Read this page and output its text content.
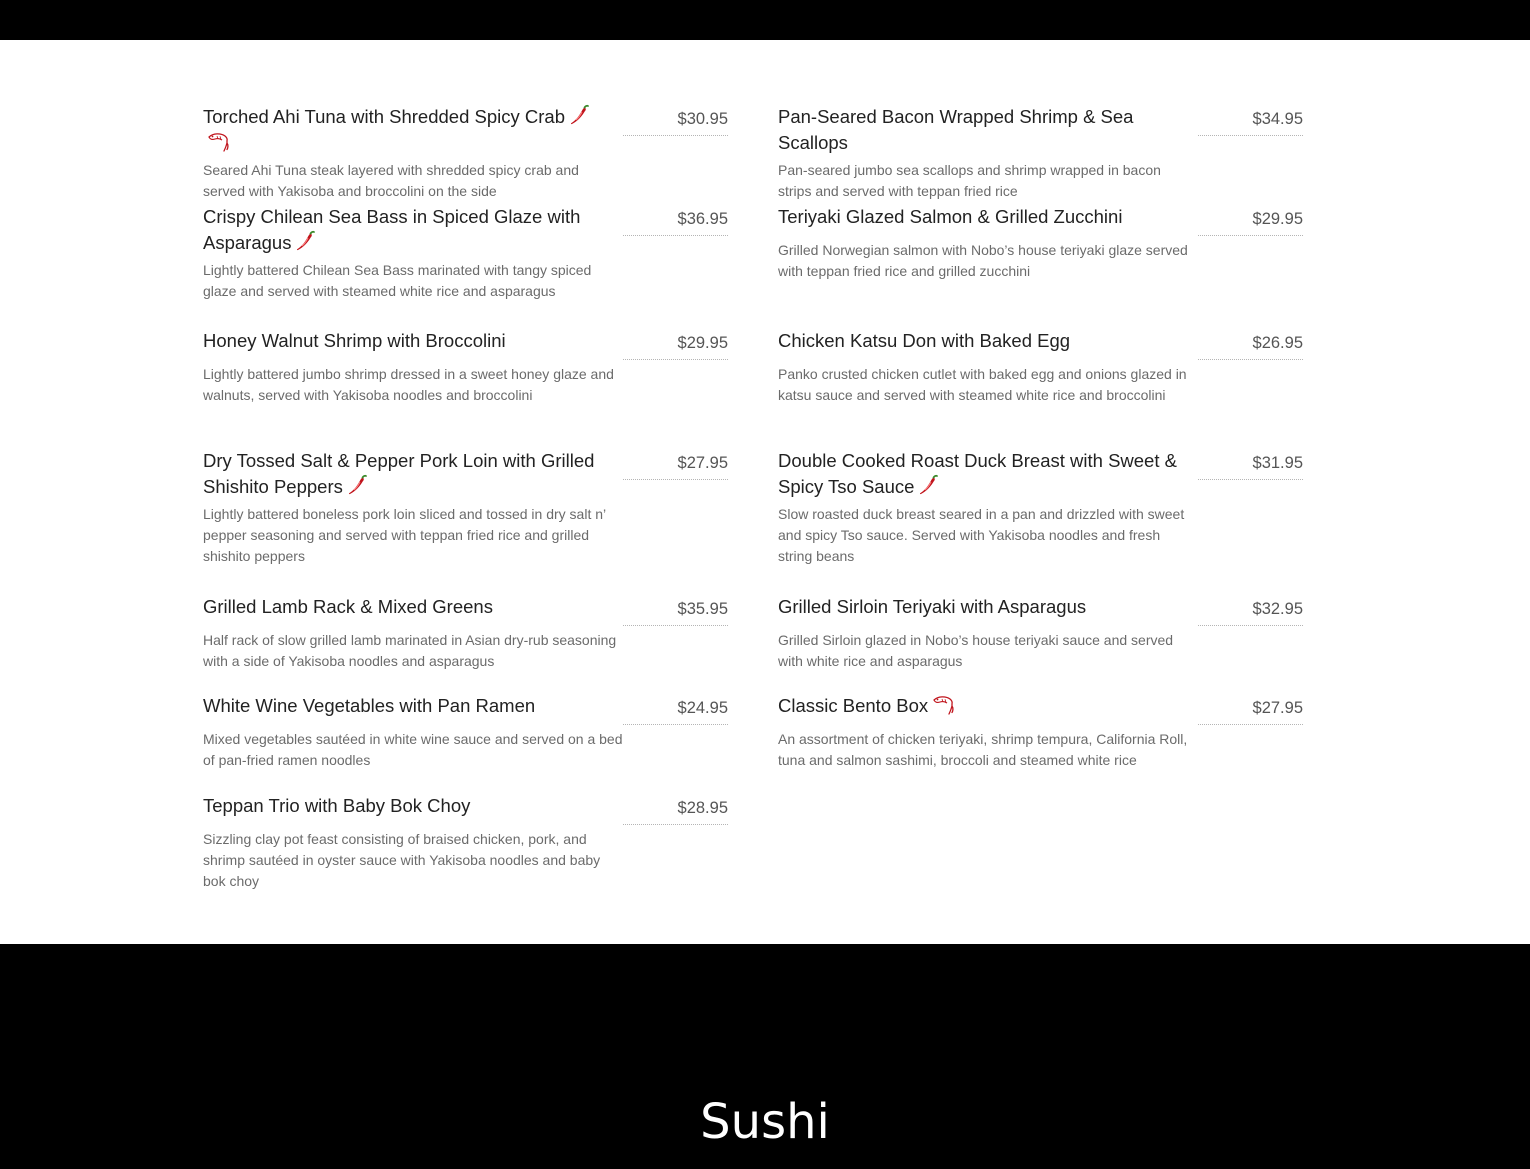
Torched Ahi Tuna with Shredded Spicy Crab	$30.95
Seared Ahi Tuna steak layered with shredded spicy crab and served with Yakisoba and broccolini on the side
Crispy Chilean Sea Bass in Spiced Glaze with Asparagus
$36.95
Lightly battered Chilean Sea Bass marinated with tangy spiced glaze and served with steamed white rice and asparagus
Honey Walnut Shrimp with Broccolini	$29.95
Lightly battered jumbo shrimp dressed in a sweet honey glaze and walnuts, served with Yakisoba noodles and broccolini
Dry Tossed Salt & Pepper Pork Loin with Grilled Shishito Peppers
$27.95
Lightly battered boneless pork loin sliced and tossed in dry salt n’ pepper seasoning and served with teppan fried rice and grilled shishito peppers
Grilled Lamb Rack & Mixed Greens	$35.95
Half rack of slow grilled lamb marinated in Asian dry-rub seasoning with a side of Yakisoba noodles and asparagus
White Wine Vegetables with Pan Ramen	$24.95
Mixed vegetables sautéed in white wine sauce and served on a bed of pan-fried ramen noodles
Teppan Trio with Baby Bok Choy	$28.95
Sizzling clay pot feast consisting of braised chicken, pork, and shrimp sautéed in oyster sauce with Yakisoba noodles and baby bok choy
Pan-Seared Bacon Wrapped Shrimp & Sea Scallops
$34.95
Pan-seared jumbo sea scallops and shrimp wrapped in bacon strips and served with teppan fried rice
Teriyaki Glazed Salmon & Grilled Zucchini	$29.95
Grilled Norwegian salmon with Nobo’s house teriyaki glaze served with teppan fried rice and grilled zucchini
Chicken Katsu Don with Baked Egg	$26.95
Panko crusted chicken cutlet with baked egg and onions glazed in katsu sauce and served with steamed white rice and broccolini
Double Cooked Roast Duck Breast with Sweet & Spicy Tso Sauce
$31.95
Slow roasted duck breast seared in a pan and drizzled with sweet and spicy Tso sauce. Served with Yakisoba noodles and fresh string beans
Grilled Sirloin Teriyaki with Asparagus	$32.95
Grilled Sirloin glazed in Nobo’s house teriyaki sauce and served with white rice and asparagus
Classic Bento Box	$27.95
An assortment of chicken teriyaki, shrimp tempura, California Roll, tuna and salmon sashimi, broccoli and steamed white rice
Sushi
